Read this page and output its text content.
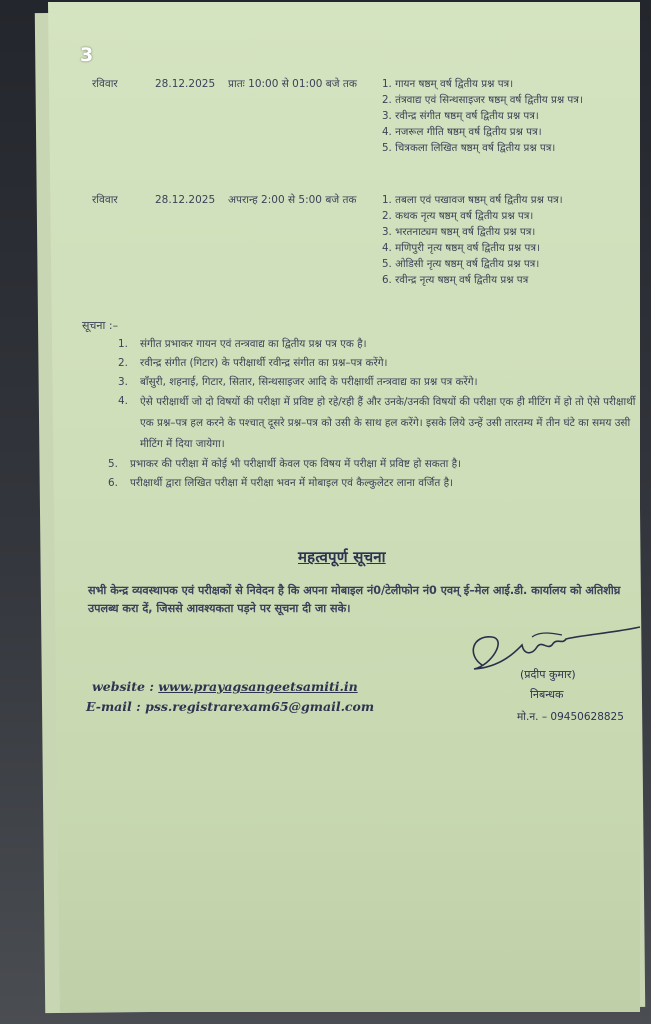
3
रविवार	28.12.2025 प्रातः 10:00 से 01:00 बजे तक 1. गायन षष्ठम् वर्ष द्वितीय प्रश्न पत्र।
2. तंत्रवाद्य एवं सिन्थसाइजर षष्ठम् वर्ष द्वितीय प्रश्न पत्र।
3. रवीन्द्र संगीत षष्ठम् वर्ष द्वितीय प्रश्न पत्र।
4. नजरूल गीति षष्ठम् वर्ष द्वितीय प्रश्न पत्र।
5. चित्रकला लिखित षष्ठम् वर्ष द्वितीय प्रश्न पत्र।
रविवार	28.12.2025 अपरान्ह 2:00 से 5:00 बजे तक 1. तबला एवं पखावज षष्ठम् वर्ष द्वितीय प्रश्न पत्र।
2. कथक नृत्य षष्ठम् वर्ष द्वितीय प्रश्न पत्र।
3. भरतनाट्यम षष्ठम् वर्ष द्वितीय प्रश्न पत्र।
4. मणिपुरी नृत्य षष्ठम् वर्ष द्वितीय प्रश्न पत्र।
5. ओडिसी नृत्य षष्ठम् वर्ष द्वितीय प्रश्न पत्र।
6. रवीन्द्र नृत्य षष्ठम् वर्ष द्वितीय प्रश्न पत्र
सूचना :–
1. संगीत प्रभाकर गायन एवं तन्त्रवाद्य का द्वितीय प्रश्न पत्र एक है।
2. रवीन्द्र संगीत (गिटार) के परीक्षार्थी रवीन्द्र संगीत का प्रश्न–पत्र करेंगे।
3. बाँसुरी, शहनाई, गिटार, सितार, सिन्थसाइजर आदि के परीक्षार्थी तन्त्रवाद्य का प्रश्न पत्र करेंगे।
4.	ऐसे परीक्षार्थी जो दो विषयों की परीक्षा में प्रविष्ट हो रहे/रही हैं और उनके/उनकी विषयों की परीक्षा एक ही मीटिंग में हो तो ऐसे परीक्षार्थी एक प्रश्न–पत्र हल करने के पश्चात् दूसरे प्रश्न–पत्र को उसी के साथ हल करेंगे। इसके लिये उन्हें उसी तारतम्य में तीन घंटे का समय उसी मीटिंग में दिया जायेगा।
5. प्रभाकर की परीक्षा में कोई भी परीक्षार्थी केवल एक विषय में परीक्षा में प्रविष्ट हो सकता है।
6. परीक्षार्थी द्वारा लिखित परीक्षा में परीक्षा भवन में मोबाइल एवं कैल्कुलेटर लाना वर्जित है।
महत्वपूर्ण सूचना
सभी केन्द्र व्यवस्थापक एवं परीक्षकों से निवेदन है कि अपना मोबाइल नं0/टेलीफोन नं0 एवम् ई–मेल आई.डी. कार्यालय को अतिशीघ्र उपलब्ध करा दें, जिससे आवश्यकता पड़ने पर सूचना दी जा सके।
website : www.prayagsangeetsamiti.in
E-mail : pss.registrarexam65@gmail.com
(प्रदीप कुमार)
निबन्धक
मो.न. – 09450628825
